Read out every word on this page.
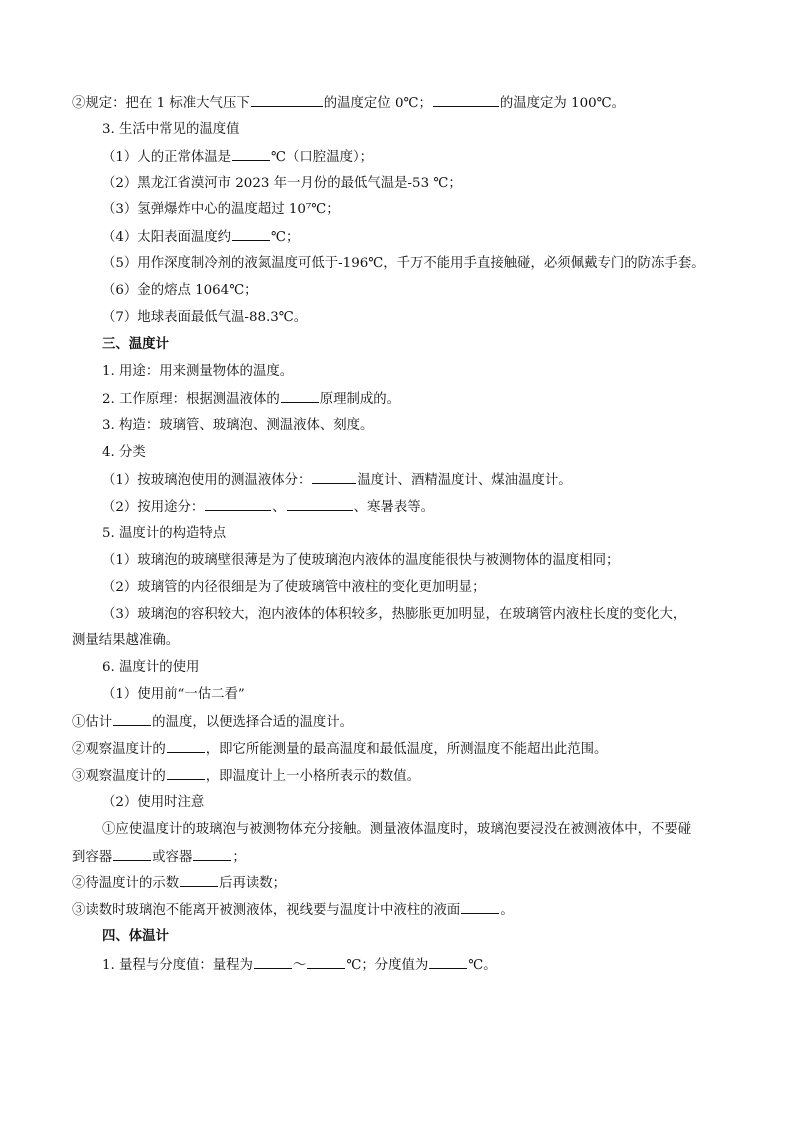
②规定：把在 1 标准大气压下	的温度定位 0℃；	的温度定为 100℃。
3. 生活中常见的温度值
（1）人的正常体温是	℃（口腔温度）；
（2）黑龙江省漠河市 2023 年一月份的最低气温是-53 ℃；
（3）氢弹爆炸中心的温度超过 10⁷℃；
（4）太阳表面温度约	℃；
（5）用作深度制冷剂的液氮温度可低于-196℃，千万不能用手直接触碰，必须佩戴专门的防冻手套。
（6）金的熔点 1064℃；
（7）地球表面最低气温-88.3℃。
三、温度计
1. 用途：用来测量物体的温度。
2. 工作原理：根据测温液体的	原理制成的。
3. 构造：玻璃管、玻璃泡、测温液体、刻度。
4. 分类
（1）按玻璃泡使用的测温液体分：	温度计、酒精温度计、煤油温度计。
（2）按用途分：	、	、寒暑表等。
5. 温度计的构造特点
（1）玻璃泡的玻璃壁很薄是为了使玻璃泡内液体的温度能很快与被测物体的温度相同；
（2）玻璃管的内径很细是为了使玻璃管中液柱的变化更加明显；
（3）玻璃泡的容积较大，泡内液体的体积较多，热膨胀更加明显，在玻璃管内液柱长度的变化大，
测量结果越准确。
6. 温度计的使用
（1）使用前“一估二看”
①估计	的温度，以便选择合适的温度计。
②观察温度计的	，即它所能测量的最高温度和最低温度，所测温度不能超出此范围。
③观察温度计的	，即温度计上一小格所表示的数值。
（2）使用时注意
①应使温度计的玻璃泡与被测物体充分接触。测量液体温度时，玻璃泡要浸没在被测液体中，不要碰
到容器	或容器	；
②待温度计的示数	后再读数；
③读数时玻璃泡不能离开被测液体，视线要与温度计中液柱的液面	。
四、体温计
1. 量程与分度值：量程为	～	℃；分度值为	℃。
